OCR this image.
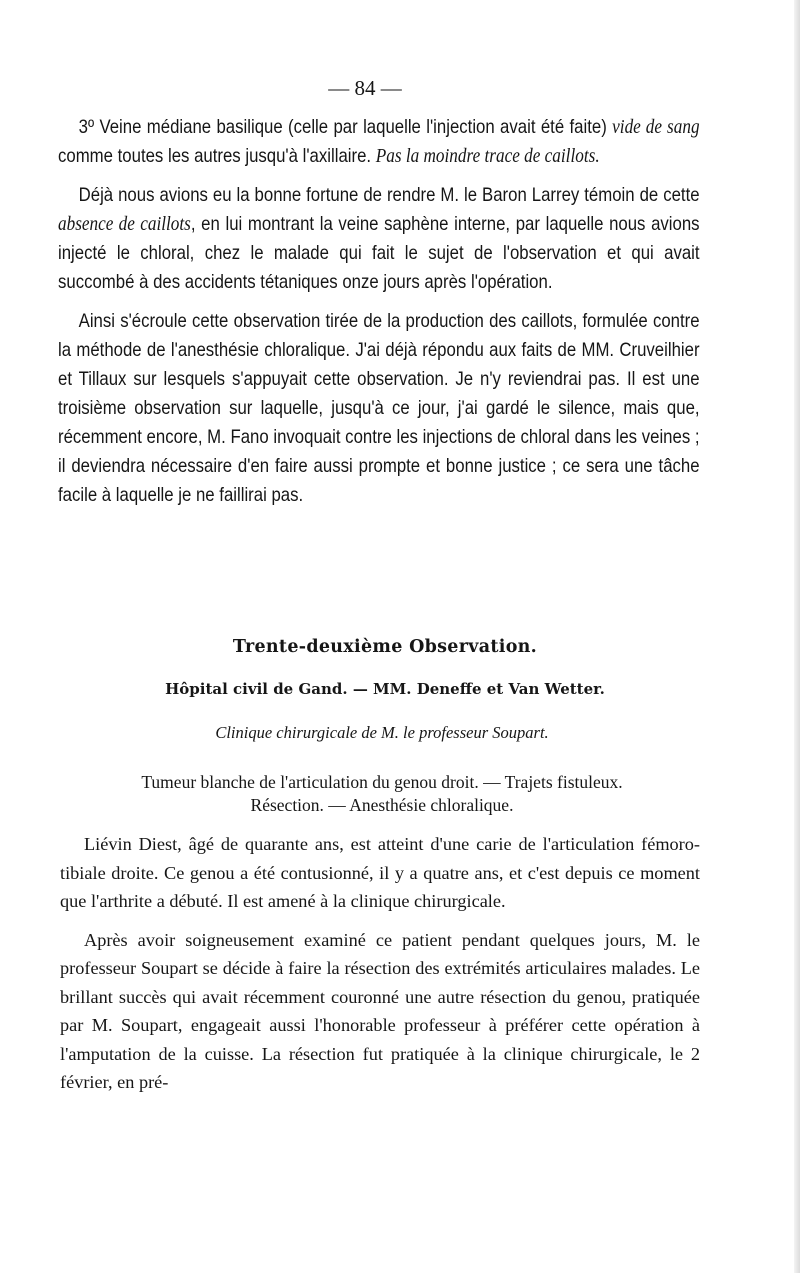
— 84 —

3º Veine médiane basilique (celle par laquelle l'injection avait été faite) vide de sang comme toutes les autres jusqu'à l'axillaire. Pas la moindre trace de caillots.

Déjà nous avions eu la bonne fortune de rendre M. le Baron Larrey témoin de cette absence de caillots, en lui montrant la veine saphène interne, par laquelle nous avions injecté le chloral, chez le malade qui fait le sujet de l'observation et qui avait succombé à des accidents tétaniques onze jours après l'opération.

Ainsi s'écroule cette observation tirée de la production des caillots, formulée contre la méthode de l'anesthésie chloralique. J'ai déjà répondu aux faits de MM. Cruveilhier et Tillaux sur lesquels s'appuyait cette observation. Je n'y reviendrai pas. Il est une troisième observation sur laquelle, jusqu'à ce jour, j'ai gardé le silence, mais que, récemment encore, M. Fano invoquait contre les injections de chloral dans les veines ; il deviendra nécessaire d'en faire aussi prompte et bonne justice ; ce sera une tâche facile à laquelle je ne faillirai pas.

Trente-deuxième Observation.
Hôpital civil de Gand. — MM. Deneffe et Van Wetter.
Clinique chirurgicale de M. le professeur Soupart.
Tumeur blanche de l'articulation du genou droit. — Trajets fistuleux.
Résection. — Anesthésie chloralique.

Liévin Diest, âgé de quarante ans, est atteint d'une carie de l'articulation fémoro-tibiale droite. Ce genou a été contusionné, il y a quatre ans, et c'est depuis ce moment que l'arthrite a débuté. Il est amené à la clinique chirurgicale.

Après avoir soigneusement examiné ce patient pendant quelques jours, M. le professeur Soupart se décide à faire la résection des extrémités articulaires malades. Le brillant succès qui avait récemment couronné une autre résection du genou, pratiquée par M. Soupart, engageait aussi l'honorable professeur à préférer cette opération à l'amputation de la cuisse. La résection fut pratiquée à la clinique chirurgicale, le 2 février, en pré-
